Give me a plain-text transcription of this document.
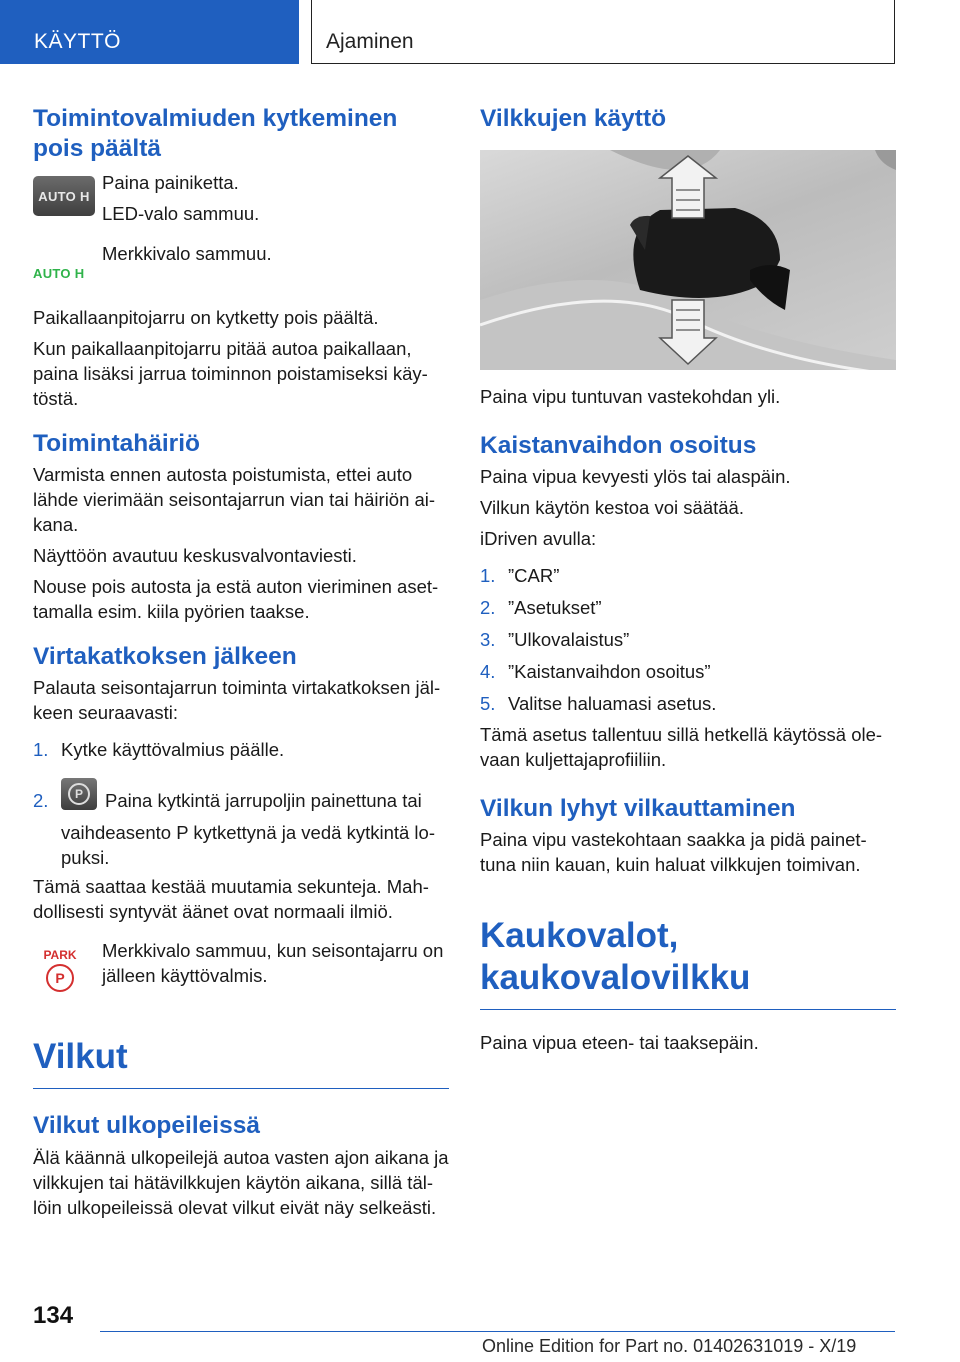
KÄYTTÖ	Ajaminen
Toimintovalmiuden kytkeminen pois päältä
AUTO H

Paina painiketta.

LED-valo sammuu.

AUTO H

Merkkivalo sammuu.

Paikallaanpitojarru on kytketty pois päältä.

Kun paikallaanpitojarru pitää autoa paikallaan, paina lisäksi jarrua toiminnon poistamiseksi käy-töstä.

Toimintahäiriö

Varmista ennen autosta poistumista, ettei auto lähde vierimään seisontajarrun vian tai häiriön ai-kana.

Näyttöön avautuu keskusvalvontaviesti.

Nouse pois autosta ja estä auton vieriminen aset-tamalla esim. kiila pyörien taakse.

Virtakatkoksen jälkeen

Palauta seisontajarrun toiminta virtakatkoksen jäl-keen seuraavasti:

1. Kytke käyttövalmius päälle.
2.	P	Paina kytkintä jarrupoljin painettuna tai vaihdeasento P kytkettynä ja vedä kytkintä lo-puksi.

Tämä saattaa kestää muutamia sekunteja. Mah-dollisesti syntyvät äänet ovat normaali ilmiö.

PARK
P

Merkkivalo sammuu, kun seisontajarru on jälleen käyttövalmis.

Vilkut
Vilkut ulkopeileissä

Älä käännä ulkopeilejä autoa vasten ajon aikana ja vilkkujen tai hätävilkkujen käytön aikana, sillä täl-löin ulkopeileissä olevat vilkut eivät näy selkeästi.

Vilkkujen käyttö

Paina vipu tuntuvan vastekohdan yli.

Kaistanvaihdon osoitus

Paina vipua kevyesti ylös tai alaspäin.

Vilkun käytön kestoa voi säätää.

iDriven avulla:

1. ”CAR”
2. ”Asetukset”
3. ”Ulkovalaistus”
4. ”Kaistanvaihdon osoitus”
5. Valitse haluamasi asetus.

Tämä asetus tallentuu sillä hetkellä käytössä ole-vaan kuljettajaprofiiliin.

Vilkun lyhyt vilkauttaminen

Paina vipu vastekohtaan saakka ja pidä painet-tuna niin kauan, kuin haluat vilkkujen toimivan.

Kaukovalot, kaukovalovilkku

Paina vipua eteen- tai taaksepäin.

134
Online Edition for Part no. 01402631019 - X/19
